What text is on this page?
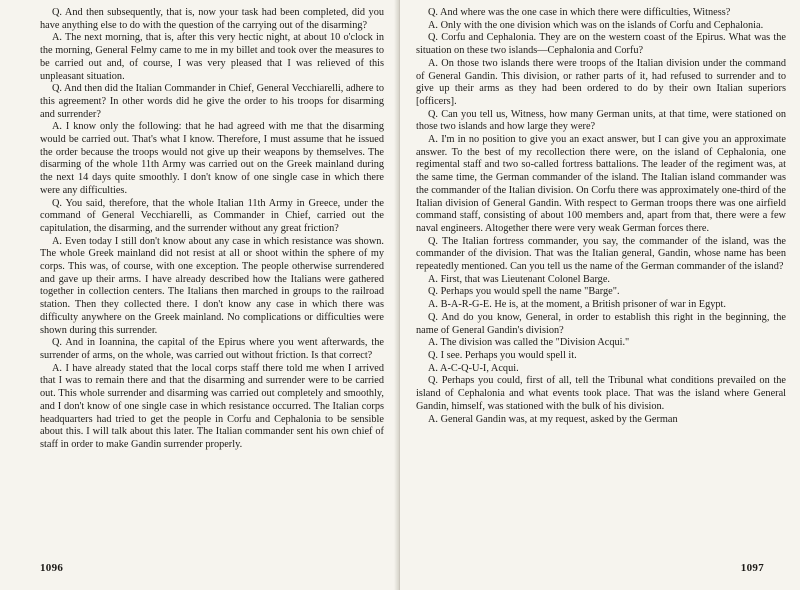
Q. And then subsequently, that is, now your task had been completed, did you have anything else to do with the question of the carrying out of the disarming?

A. The next morning, that is, after this very hectic night, at about 10 o'clock in the morning, General Felmy came to me in my billet and took over the measures to be carried out and, of course, I was very pleased that I was relieved of this unpleasant situation.

Q. And then did the Italian Commander in Chief, General Vecchiarelli, adhere to this agreement? In other words did he give the order to his troops for disarming and surrender?

A. I know only the following: that he had agreed with me that the disarming would be carried out. That's what I know. Therefore, I must assume that he issued the order because the troops would not give up their weapons by themselves. The disarming of the whole 11th Army was carried out on the Greek mainland during the next 14 days quite smoothly. I don't know of one single case in which there were any difficulties.

Q. You said, therefore, that the whole Italian 11th Army in Greece, under the command of General Vecchiarelli, as Commander in Chief, carried out the capitulation, the disarming, and the surrender without any great friction?

A. Even today I still don't know about any case in which resistance was shown. The whole Greek mainland did not resist at all or shoot within the sphere of my corps. This was, of course, with one exception. The people otherwise surrendered and gave up their arms. I have already described how the Italians were gathered together in collection centers. The Italians then marched in groups to the railroad station. Then they collected there. I don't know any case in which there was difficulty anywhere on the Greek mainland. No complications or difficulties were shown during this surrender.

Q. And in Ioannina, the capital of the Epirus where you went afterwards, the surrender of arms, on the whole, was carried out without friction. Is that correct?

A. I have already stated that the local corps staff there told me when I arrived that I was to remain there and that the disarming and surrender were to be carried out. This whole surrender and disarming was carried out completely and smoothly, and I don't know of one single case in which resistance occurred. The Italian corps headquarters had tried to get the people in Corfu and Cephalonia to be sensible about this. I will talk about this later. The Italian commander sent his own chief of staff in order to make Gandin surrender properly.

1096

Q. And where was the one case in which there were difficulties, Witness?

A. Only with the one division which was on the islands of Corfu and Cephalonia.

Q. Corfu and Cephalonia. They are on the western coast of the Epirus. What was the situation on these two islands—Cephalonia and Corfu?

A. On those two islands there were troops of the Italian division under the command of General Gandin. This division, or rather parts of it, had refused to surrender and to give up their arms as they had been ordered to do by their own Italian superiors [officers].

Q. Can you tell us, Witness, how many German units, at that time, were stationed on those two islands and how large they were?

A. I'm in no position to give you an exact answer, but I can give you an approximate answer. To the best of my recollection there were, on the island of Cephalonia, one regimental staff and two so-called fortress battalions. The leader of the regiment was, at the same time, the German commander of the island. The Italian island commander was the commander of the Italian division. On Corfu there was approximately one-third of the Italian division of General Gandin. With respect to German troops there was one airfield command staff, consisting of about 100 members and, apart from that, there were a few naval engineers. Altogether there were very weak German forces there.

Q. The Italian fortress commander, you say, the commander of the island, was the commander of the division. That was the Italian general, Gandin, whose name has been repeatedly mentioned. Can you tell us the name of the German commander of the island?

A. First, that was Lieutenant Colonel Barge.

Q. Perhaps you would spell the name "Barge".

A. B-A-R-G-E. He is, at the moment, a British prisoner of war in Egypt.

Q. And do you know, General, in order to establish this right in the beginning, the name of General Gandin's division?

A. The division was called the "Division Acqui."

Q. I see. Perhaps you would spell it.

A. A-C-Q-U-I, Acqui.

Q. Perhaps you could, first of all, tell the Tribunal what conditions prevailed on the island of Cephalonia and what events took place. That was the island where General Gandin, himself, was stationed with the bulk of his division.

A. General Gandin was, at my request, asked by the German

1097
